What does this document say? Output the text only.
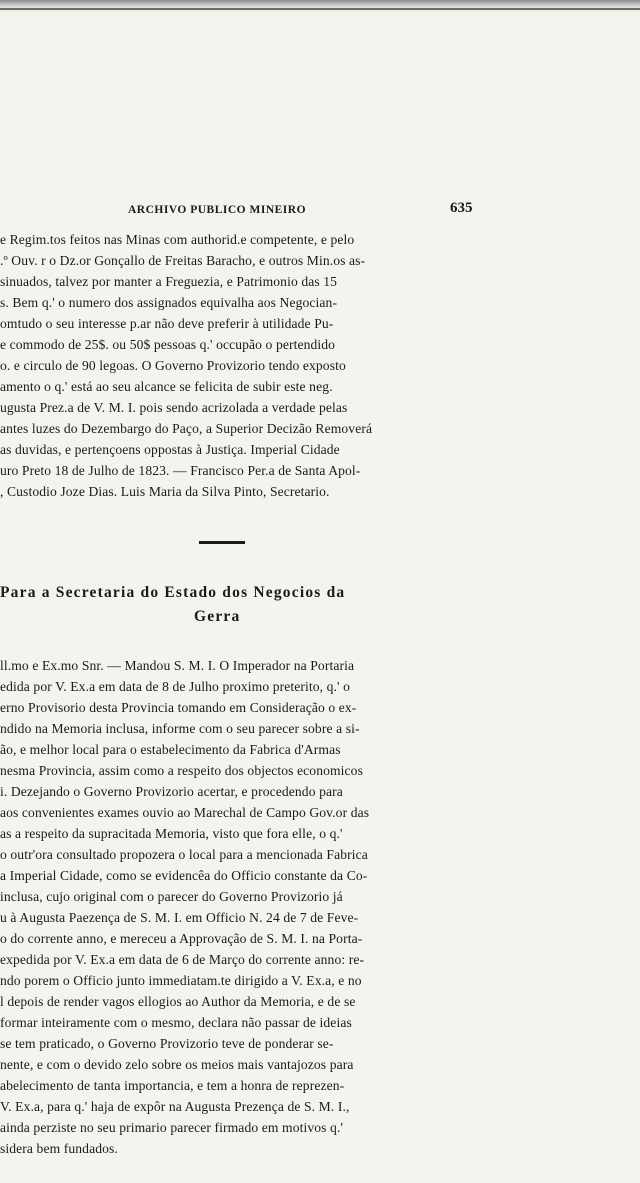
ARCHIVO PUBLICO MINEIRO	635
e Regim.tos feitos nas Minas com authorid.e competente, e pelo
.º Ouv. r o Dz.or Gonçallo de Freitas Baracho, e outros Min.os as-
sinuados, talvez por manter a Freguezia, e Patrimonio das 15
s. Bem q.' o numero dos assignados equivalha aos Negocian-
omtudo o seu interesse p.ar não deve preferir à utilidade Pu-
e commodo de 25$. ou 50$ pessoas q.' occupão o pertendido
o. e circulo de 90 legoas. O Governo Provizorio tendo exposto
amento o q.' está ao seu alcance se felicita de subir este neg.
ugusta Prez.a de V. M. I. pois sendo acrizolada a verdade pelas
antes luzes do Dezembargo do Paço, a Superior Decizão Removerá
as duvidas, e pertençoens oppostas à Justiça. Imperial Cidade
uro Preto 18 de Julho de 1823. — Francisco Per.a de Santa Apol-
, Custodio Joze Dias. Luis Maria da Silva Pinto, Secretario.
Para a Secretaria do Estado dos Negocios da
Gerra
ll.mo e Ex.mo Snr. — Mandou S. M. I. O Imperador na Portaria
edida por V. Ex.a em data de 8 de Julho proximo preterito, q.' o
erno Provisorio desta Provincia tomando em Consideração o ex-
ndido na Memoria inclusa, informe com o seu parecer sobre a si-
ão, e melhor local para o estabelecimento da Fabrica d'Armas
nesma Provincia, assim como a respeito dos objectos economicos
i. Dezejando o Governo Provizorio acertar, e procedendo para
aos convenientes exames ouvio ao Marechal de Campo Gov.or das
as a respeito da supracitada Memoria, visto que fora elle, o q.'
o outr'ora consultado propozera o local para a mencionada Fabrica
a Imperial Cidade, como se evidencêa do Officio constante da Co-
inclusa, cujo original com o parecer do Governo Provizorio já
u à Augusta Paezença de S. M. I. em Officio N. 24 de 7 de Feve-
o do corrente anno, e mereceu a Approvação de S. M. I. na Porta-
expedida por V. Ex.a em data de 6 de Março do corrente anno: re-
ndo porem o Officio junto immediatam.te dirigido a V. Ex.a, e no
l depois de render vagos ellogios ao Author da Memoria, e de se
formar inteiramente com o mesmo, declara não passar de ideias
se tem praticado, o Governo Provizorio teve de ponderar se-
nente, e com o devido zelo sobre os meios mais vantajozos para
abelecimento de tanta importancia, e tem a honra de reprezen-
V. Ex.a, para q.' haja de expôr na Augusta Prezença de S. M. I.,
ainda perziste no seu primario parecer firmado em motivos q.'
sidera bem fundados.
